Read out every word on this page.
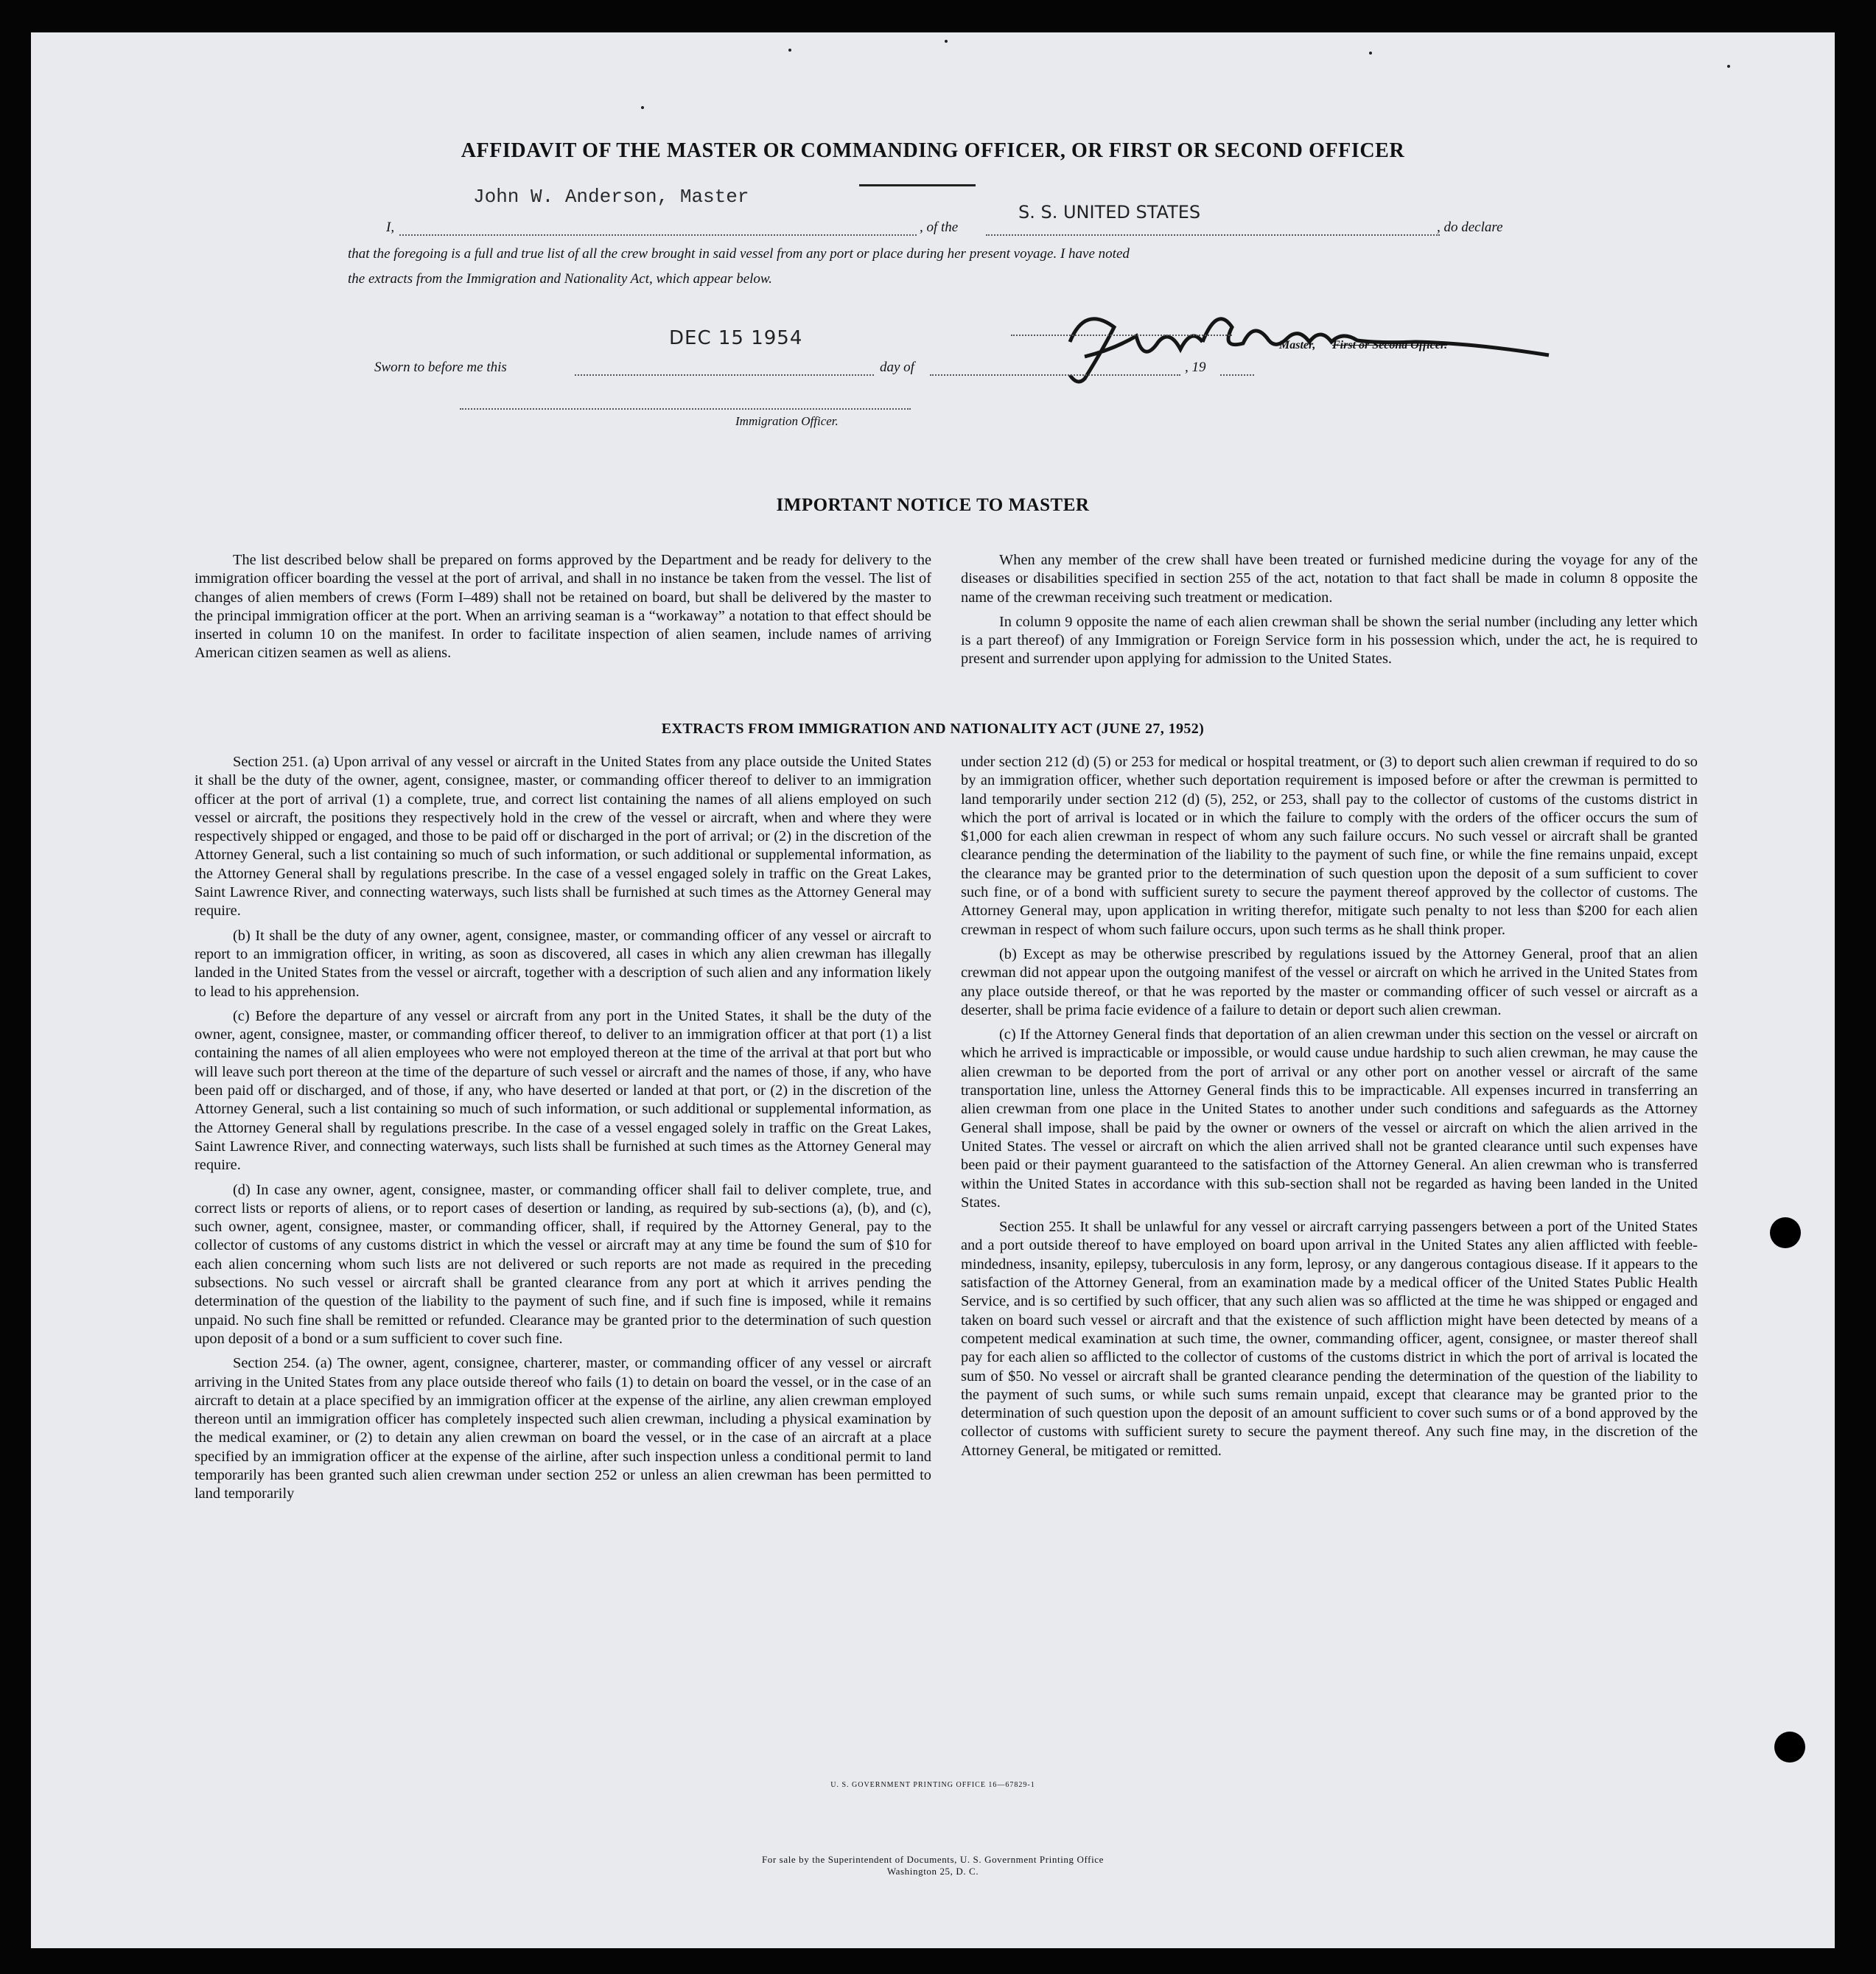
AFFIDAVIT OF THE MASTER OR COMMANDING OFFICER, OR FIRST OR SECOND OFFICER
John W. Anderson, Master
I,	, of the
S. S. UNITED STATES
, do declare
that the foregoing is a full and true list of all the crew brought in said vessel from any port or place during her present voyage. I have noted
the extracts from the Immigration and Nationality Act, which appear below.
DEC 15 1954	Master, First or Second Officer.
Sworn to before me this	day of	, 19
Immigration Officer.
IMPORTANT NOTICE TO MASTER

The list described below shall be prepared on forms approved by the Department and be ready for delivery to the immigration officer boarding the vessel at the port of arrival, and shall in no instance be taken from the vessel. The list of changes of alien members of crews (Form I–489) shall not be retained on board, but shall be delivered by the master to the principal immigration officer at the port. When an arriving seaman is a “workaway” a notation to that effect should be inserted in column 10 on the manifest. In order to facilitate inspection of alien seamen, include names of arriving American citizen seamen as well as aliens.

When any member of the crew shall have been treated or furnished medicine during the voyage for any of the diseases or disabilities specified in section 255 of the act, notation to that fact shall be made in column 8 opposite the name of the crewman receiving such treatment or medication.

In column 9 opposite the name of each alien crewman shall be shown the serial number (including any letter which is a part thereof) of any Immigration or Foreign Service form in his possession which, under the act, he is required to present and surrender upon applying for admission to the United States.

EXTRACTS FROM IMMIGRATION AND NATIONALITY ACT (JUNE 27, 1952)

Section 251. (a) Upon arrival of any vessel or aircraft in the United States from any place outside the United States it shall be the duty of the owner, agent, consignee, master, or commanding officer thereof to deliver to an immigration officer at the port of arrival (1) a complete, true, and correct list containing the names of all aliens employed on such vessel or aircraft, the positions they respectively hold in the crew of the vessel or aircraft, when and where they were respectively shipped or engaged, and those to be paid off or discharged in the port of arrival; or (2) in the discretion of the Attorney General, such a list containing so much of such information, or such additional or supplemental information, as the Attorney General shall by regulations prescribe. In the case of a vessel engaged solely in traffic on the Great Lakes, Saint Lawrence River, and connecting waterways, such lists shall be furnished at such times as the Attorney General may require.

(b) It shall be the duty of any owner, agent, consignee, master, or commanding officer of any vessel or aircraft to report to an immigration officer, in writing, as soon as discovered, all cases in which any alien crewman has illegally landed in the United States from the vessel or aircraft, together with a description of such alien and any information likely to lead to his apprehension.

(c) Before the departure of any vessel or aircraft from any port in the United States, it shall be the duty of the owner, agent, consignee, master, or commanding officer thereof, to deliver to an immigration officer at that port (1) a list containing the names of all alien employees who were not employed thereon at the time of the arrival at that port but who will leave such port thereon at the time of the departure of such vessel or aircraft and the names of those, if any, who have been paid off or discharged, and of those, if any, who have deserted or landed at that port, or (2) in the discretion of the Attorney General, such a list containing so much of such information, or such additional or supplemental information, as the Attorney General shall by regulations prescribe. In the case of a vessel engaged solely in traffic on the Great Lakes, Saint Lawrence River, and connecting waterways, such lists shall be furnished at such times as the Attorney General may require.

(d) In case any owner, agent, consignee, master, or commanding officer shall fail to deliver complete, true, and correct lists or reports of aliens, or to report cases of desertion or landing, as required by sub-sections (a), (b), and (c), such owner, agent, consignee, master, or commanding officer, shall, if required by the Attorney General, pay to the collector of customs of any customs district in which the vessel or aircraft may at any time be found the sum of $10 for each alien concerning whom such lists are not delivered or such reports are not made as required in the preceding subsections. No such vessel or aircraft shall be granted clearance from any port at which it arrives pending the determination of the question of the liability to the payment of such fine, and if such fine is imposed, while it remains unpaid. No such fine shall be remitted or refunded. Clearance may be granted prior to the determination of such question upon deposit of a bond or a sum sufficient to cover such fine.

Section 254. (a) The owner, agent, consignee, charterer, master, or commanding officer of any vessel or aircraft arriving in the United States from any place outside thereof who fails (1) to detain on board the vessel, or in the case of an aircraft to detain at a place specified by an immigration officer at the expense of the airline, any alien crewman employed thereon until an immigration officer has completely inspected such alien crewman, including a physical examination by the medical examiner, or (2) to detain any alien crewman on board the vessel, or in the case of an aircraft at a place specified by an immigration officer at the expense of the airline, after such inspection unless a conditional permit to land temporarily has been granted such alien crewman under section 252 or unless an alien crewman has been permitted to land temporarily

under section 212 (d) (5) or 253 for medical or hospital treatment, or (3) to deport such alien crewman if required to do so by an immigration officer, whether such deportation requirement is imposed before or after the crewman is permitted to land temporarily under section 212 (d) (5), 252, or 253, shall pay to the collector of customs of the customs district in which the port of arrival is located or in which the failure to comply with the orders of the officer occurs the sum of $1,000 for each alien crewman in respect of whom any such failure occurs. No such vessel or aircraft shall be granted clearance pending the determination of the liability to the payment of such fine, or while the fine remains unpaid, except the clearance may be granted prior to the determination of such question upon the deposit of a sum sufficient to cover such fine, or of a bond with sufficient surety to secure the payment thereof approved by the collector of customs. The Attorney General may, upon application in writing therefor, mitigate such penalty to not less than $200 for each alien crewman in respect of whom such failure occurs, upon such terms as he shall think proper.

(b) Except as may be otherwise prescribed by regulations issued by the Attorney General, proof that an alien crewman did not appear upon the outgoing manifest of the vessel or aircraft on which he arrived in the United States from any place outside thereof, or that he was reported by the master or commanding officer of such vessel or aircraft as a deserter, shall be prima facie evidence of a failure to detain or deport such alien crewman.

(c) If the Attorney General finds that deportation of an alien crewman under this section on the vessel or aircraft on which he arrived is impracticable or impossible, or would cause undue hardship to such alien crewman, he may cause the alien crewman to be deported from the port of arrival or any other port on another vessel or aircraft of the same transportation line, unless the Attorney General finds this to be impracticable. All expenses incurred in transferring an alien crewman from one place in the United States to another under such conditions and safeguards as the Attorney General shall impose, shall be paid by the owner or owners of the vessel or aircraft on which the alien arrived in the United States. The vessel or aircraft on which the alien arrived shall not be granted clearance until such expenses have been paid or their payment guaranteed to the satisfaction of the Attorney General. An alien crewman who is transferred within the United States in accordance with this sub-section shall not be regarded as having been landed in the United States.

Section 255. It shall be unlawful for any vessel or aircraft carrying passengers between a port of the United States and a port outside thereof to have employed on board upon arrival in the United States any alien afflicted with feeble-mindedness, insanity, epilepsy, tuberculosis in any form, leprosy, or any dangerous contagious disease. If it appears to the satisfaction of the Attorney General, from an examination made by a medical officer of the United States Public Health Service, and is so certified by such officer, that any such alien was so afflicted at the time he was shipped or engaged and taken on board such vessel or aircraft and that the existence of such affliction might have been detected by means of a competent medical examination at such time, the owner, commanding officer, agent, consignee, or master thereof shall pay for each alien so afflicted to the collector of customs of the customs district in which the port of arrival is located the sum of $50. No vessel or aircraft shall be granted clearance pending the determination of the question of the liability to the payment of such sums, or while such sums remain unpaid, except that clearance may be granted prior to the determination of such question upon the deposit of an amount sufficient to cover such sums or of a bond approved by the collector of customs with sufficient surety to secure the payment thereof. Any such fine may, in the discretion of the Attorney General, be mitigated or remitted.

U. S. GOVERNMENT PRINTING OFFICE 16—67829-1
For sale by the Superintendent of Documents, U. S. Government Printing Office
Washington 25, D. C.
